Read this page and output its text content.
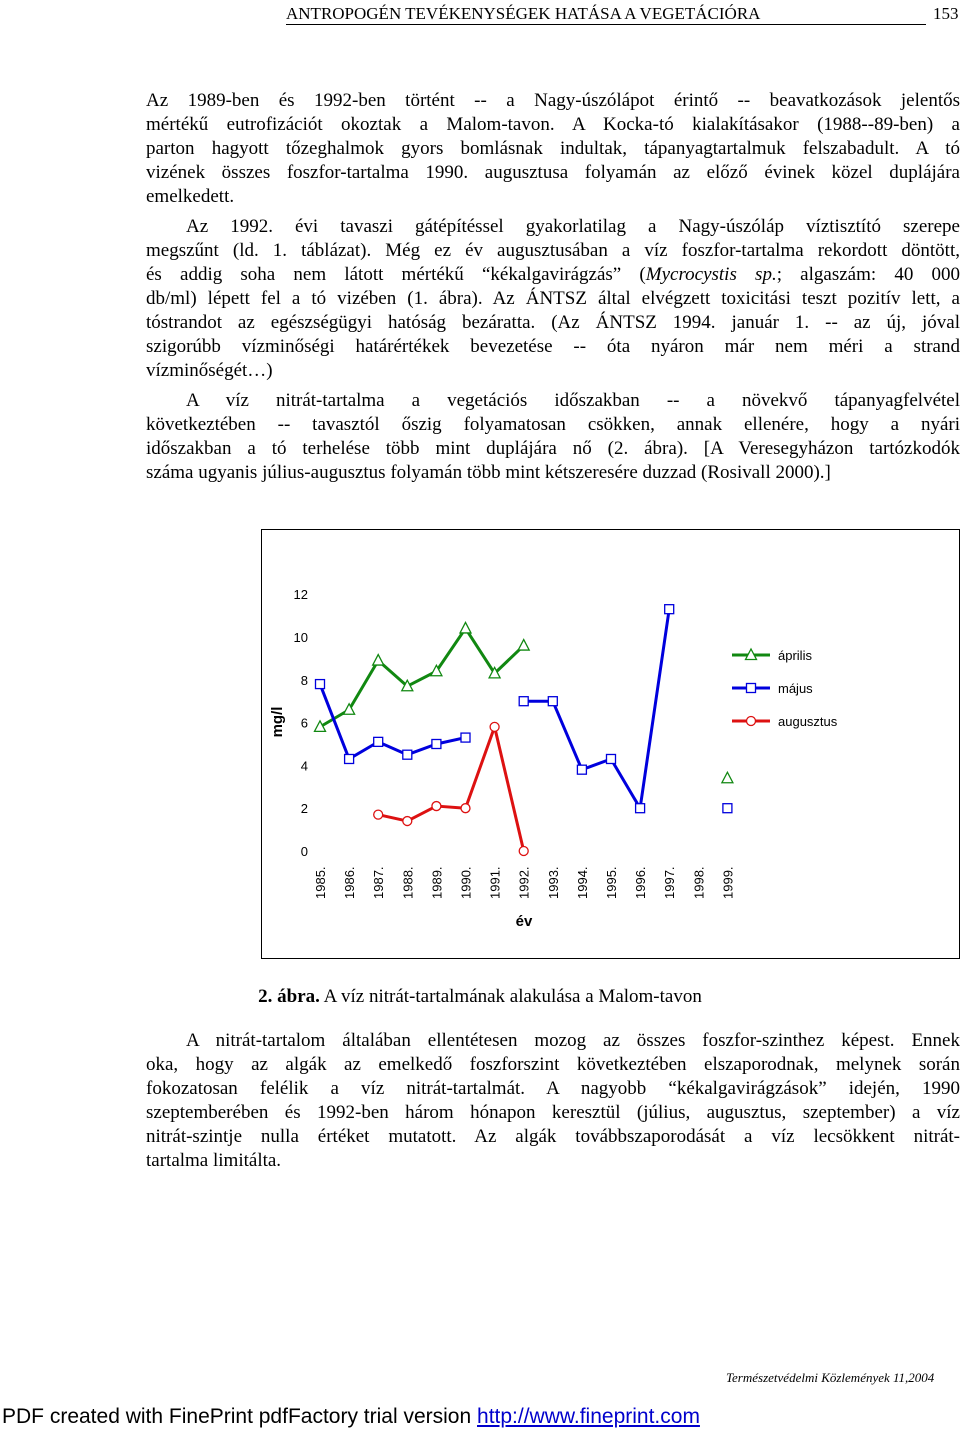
ANTROPOGÉN TEVÉKENYSÉGEK HATÁSA A VEGETÁCIÓRA	153

Az 1989-ben és 1992-ben történt -- a Nagy-úszólápot érintő -- beavatkozások jelentős
mértékű eutrofizációt okoztak a Malom-tavon. A Kocka-tó kialakításakor (1988--89-ben) a
parton hagyott tőzeghalmok gyors bomlásnak indultak, tápanyagtartalmuk felszabadult. A tó
vizének összes foszfor-tartalma 1990. augusztusa folyamán az előző évinek közel duplájára
emelkedett.

Az 1992. évi tavaszi gátépítéssel gyakorlatilag a Nagy-úszóláp víztisztító szerepe
megszűnt (ld. 1. táblázat). Még ez év augusztusában a víz foszfor-tartalma rekordott döntött,
és addig soha nem látott mértékű “kékalgavirágzás” (Mycrocystis sp.; algaszám: 40 000
db/ml) lépett fel a tó vizében (1. ábra). Az ÁNTSZ által elvégzett toxicitási teszt pozitív lett, a
tóstrandot az egészségügyi hatóság bezáratta. (Az ÁNTSZ 1994. január 1. -- az új, jóval
szigorúbb vízminőségi határértékek bevezetése -- óta nyáron már nem méri a strand
vízminőségét…)

A víz nitrát-tartalma a vegetációs időszakban -- a növekvő tápanyagfelvétel
következtében -- tavasztól őszig folyamatosan csökken, annak ellenére, hogy a nyári
időszakban a tó terhelése több mint duplájára nő (2. ábra). [A Veresegyházon tartózkodók
száma ugyanis július-augusztus folyamán több mint kétszeresére duzzad (Rosivall 2000).]

mg/l
év
0
2
4
6
8
10
12
1985. 1986. 1987. 1988. 1989. 1990. 1991. 1992. 1993. 1994. 1995. 1996. 1997. 1998. 1999.
április
május
augusztus
2. ábra. A víz nitrát-tartalmának alakulása a Malom-tavon

A nitrát-tartalom általában ellentétesen mozog az összes foszfor-szinthez képest. Ennek
oka, hogy az algák az emelkedő foszforszint következtében elszaporodnak, melynek során
fokozatosan felélik a víz nitrát-tartalmát. A nagyobb “kékalgavirágzások” idején, 1990
szeptemberében és 1992-ben három hónapon keresztül (július, augusztus, szeptember) a víz
nitrát-szintje nulla értéket mutatott. Az algák továbbszaporodását a víz lecsökkent nitrát-
tartalma limitálta.

Természetvédelmi Közlemények 11,2004
PDF created with FinePrint pdfFactory trial version http://www.fineprint.com
